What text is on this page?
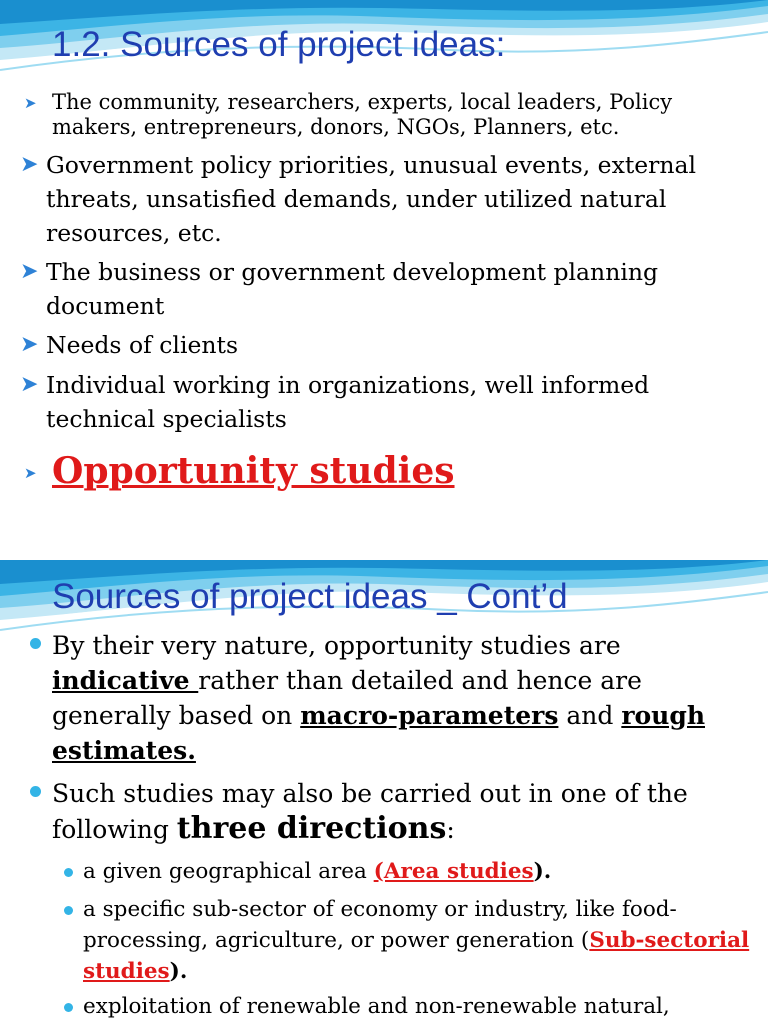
1.2. Sources of project ideas:
➤ The community, researchers, experts, local leaders, Policy makers, entrepreneurs, donors, NGOs, Planners, etc.

➤ Government policy priorities, unusual events, external threats, unsatisfied demands, under utilized natural resources, etc.

➤ The business or government development planning document

➤ Needs of clients

➤ Individual working in organizations, well informed technical specialists

➤ Opportunity studies

Sources of project ideas _ Cont’d

By their very nature, opportunity studies are indicative rather than detailed and hence are generally based on macro-parameters and rough estimates.

Such studies may also be carried out in one of the following three directions:

a given geographical area (Area studies).

a specific sub-sector of economy or industry, like food-processing, agriculture, or power generation (Sub-sectorial studies).

exploitation of renewable and non-renewable natural,
